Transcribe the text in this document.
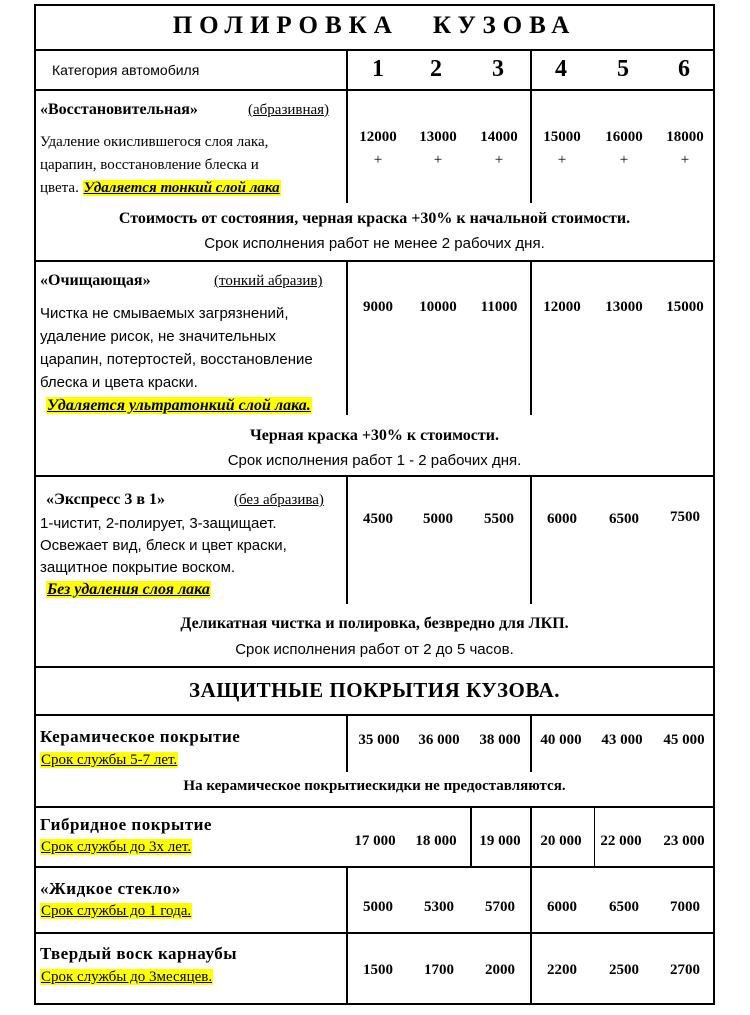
ПОЛИРОВКА КУЗОВА
Категория автомобиля	1	2	3	4	5	6
«Восстановительная»	(абразивная)
Удаление окислившегося слоя лака,
царапин, восстановление блеска и
цвета. Удаляется тонкий слой лака
12000	13000	14000	15000	16000	18000
+	+	+	+	+	+
Стоимость от состояния, черная краска +30% к начальной стоимости.
Срок исполнения работ не менее 2 рабочих дня.
«Очищающая»	(тонкий абразив)
Чистка не смываемых загрязнений,
удаление рисок, не значительных
царапин, потертостей, восстановление
блеска и цвета краски.
Удаляется ультратонкий слой лака.
9000	10000	11000	12000	13000	15000
Черная краска +30% к стоимости.
Срок исполнения работ 1 - 2 рабочих дня.
«Экспресс 3 в 1»	(без абразива)
1-чистит, 2-полирует, 3-защищает.
Освежает вид, блеск и цвет краски,
защитное покрытие воском.
Без удаления слоя лака
4500	5000	5500	6000	6500	7500
Деликатная чистка и полировка, безвредно для ЛКП.
Срок исполнения работ от 2 до 5 часов.
ЗАЩИТНЫЕ ПОКРЫТИЯ КУЗОВА.
Керамическое покрытие
Срок службы 5-7 лет.
35 000	36 000	38 000	40 000	43 000	45 000
На керамическое покрытиескидки не предоставляются.
Гибридное покрытие
Срок службы до 3х лет.	17 000	18 000	19 000	20 000	22 000	23 000
«Жидкое стекло»
Срок службы до 1 года.	5000	5300	5700	6000	6500	7000
Твердый воск карнаубы
Срок службы до 3месяцев.	1500	1700	2000	2200	2500	2700
